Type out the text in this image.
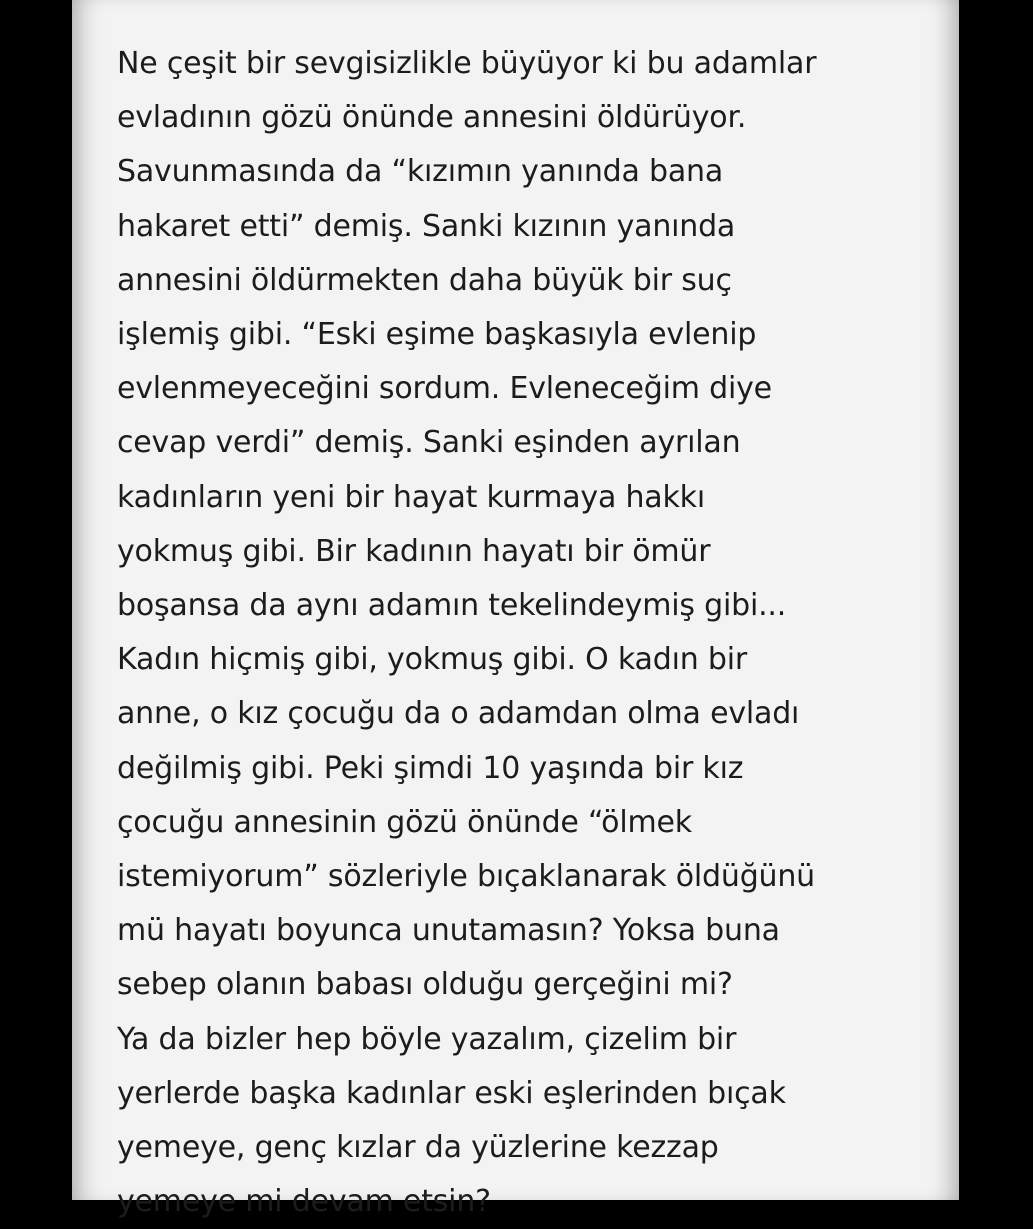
Ne çeşit bir sevgisizlikle büyüyor ki bu adamlar
evladının gözü önünde annesini öldürüyor.
Savunmasında da “kızımın yanında bana
hakaret etti” demiş. Sanki kızının yanında
annesini öldürmekten daha büyük bir suç
işlemiş gibi. “Eski eşime başkasıyla evlenip
evlenmeyeceğini sordum. Evleneceğim diye
cevap verdi” demiş. Sanki eşinden ayrılan
kadınların yeni bir hayat kurmaya hakkı
yokmuş gibi. Bir kadının hayatı bir ömür
boşansa da aynı adamın tekelindeymiş gibi...
Kadın hiçmiş gibi, yokmuş gibi. O kadın bir
anne, o kız çocuğu da o adamdan olma evladı
değilmiş gibi. Peki şimdi 10 yaşında bir kız
çocuğu annesinin gözü önünde “ölmek
istemiyorum” sözleriyle bıçaklanarak öldüğünü
mü hayatı boyunca unutamasın? Yoksa buna
sebep olanın babası olduğu gerçeğini mi?
Ya da bizler hep böyle yazalım, çizelim bir
yerlerde başka kadınlar eski eşlerinden bıçak
yemeye, genç kızlar da yüzlerine kezzap
yemeye mi devam etsin?
